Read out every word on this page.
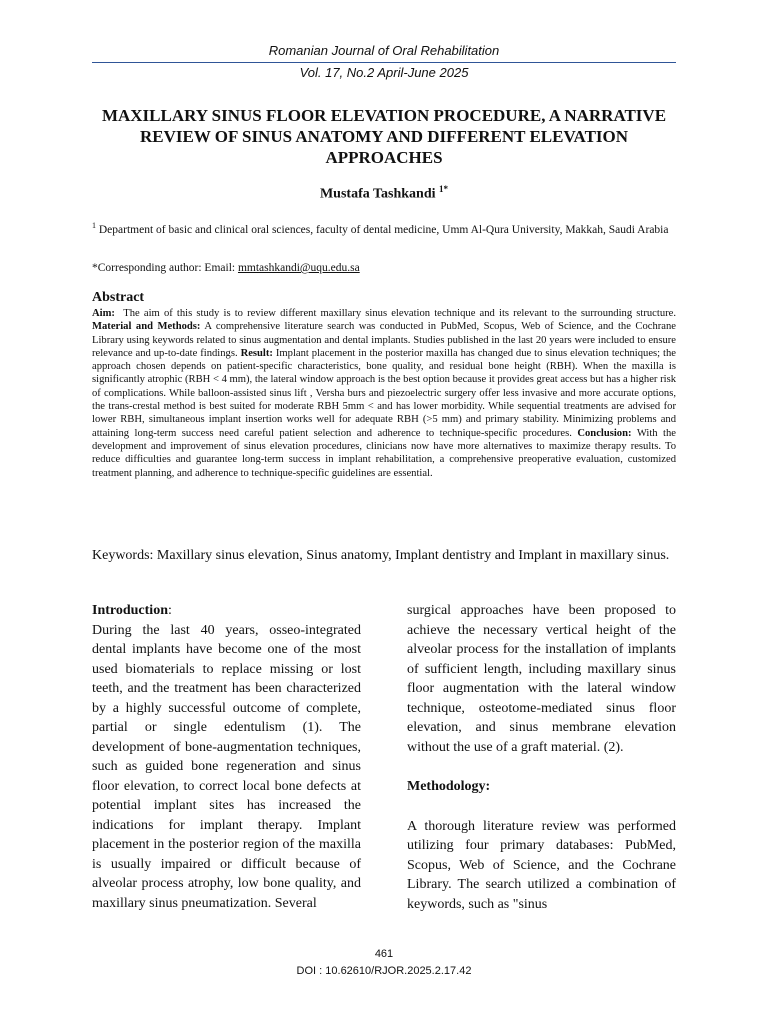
Romanian Journal of Oral Rehabilitation
Vol. 17, No.2 April-June 2025
MAXILLARY SINUS FLOOR ELEVATION PROCEDURE, A NARRATIVE REVIEW OF SINUS ANATOMY AND DIFFERENT ELEVATION APPROACHES
Mustafa Tashkandi $^{1*}$
$^1$ Department of basic and clinical oral sciences, faculty of dental medicine, Umm Al-Qura University, Makkah, Saudi Arabia
*Corresponding author: Email: mmtashkandi@uqu.edu.sa
Abstract
Aim: The aim of this study is to review different maxillary sinus elevation technique and its relevant to the surrounding structure. Material and Methods: A comprehensive literature search was conducted in PubMed, Scopus, Web of Science, and the Cochrane Library using keywords related to sinus augmentation and dental implants. Studies published in the last 20 years were included to ensure relevance and up-to-date findings. Result: Implant placement in the posterior maxilla has changed due to sinus elevation techniques; the approach chosen depends on patient-specific characteristics, bone quality, and residual bone height (RBH). When the maxilla is significantly atrophic (RBH < 4 mm), the lateral window approach is the best option because it provides great access but has a higher risk of complications. While balloon-assisted sinus lift , Versha burs and piezoelectric surgery offer less invasive and more accurate options, the trans-crestal method is best suited for moderate RBH 5mm < and has lower morbidity. While sequential treatments are advised for lower RBH, simultaneous implant insertion works well for adequate RBH (>5 mm) and primary stability. Minimizing problems and attaining long-term success need careful patient selection and adherence to technique-specific procedures. Conclusion: With the development and improvement of sinus elevation procedures, clinicians now have more alternatives to maximize therapy results. To reduce difficulties and guarantee long-term success in implant rehabilitation, a comprehensive preoperative evaluation, customized treatment planning, and adherence to technique-specific guidelines are essential.
Keywords: Maxillary sinus elevation, Sinus anatomy, Implant dentistry and Implant in maxillary sinus.

Introduction:

During the last 40 years, osseo-integrated dental implants have become one of the most used biomaterials to replace missing or lost teeth, and the treatment has been characterized by a highly successful outcome of complete, partial or single edentulism (1). The development of bone-augmentation techniques, such as guided bone regeneration and sinus floor elevation, to correct local bone defects at potential implant sites has increased the indications for implant therapy. Implant placement in the posterior region of the maxilla is usually impaired or difficult because of alveolar process atrophy, low bone quality, and maxillary sinus pneumatization. Several

surgical approaches have been proposed to achieve the necessary vertical height of the alveolar process for the installation of implants of sufficient length, including maxillary sinus floor augmentation with the lateral window technique, osteotome-mediated sinus floor elevation, and sinus membrane elevation without the use of a graft material. (2).

Methodology:

A thorough literature review was performed utilizing four primary databases: PubMed, Scopus, Web of Science, and the Cochrane Library. The search utilized a combination of keywords, such as "sinus

461
DOI : 10.62610/RJOR.2025.2.17.42
